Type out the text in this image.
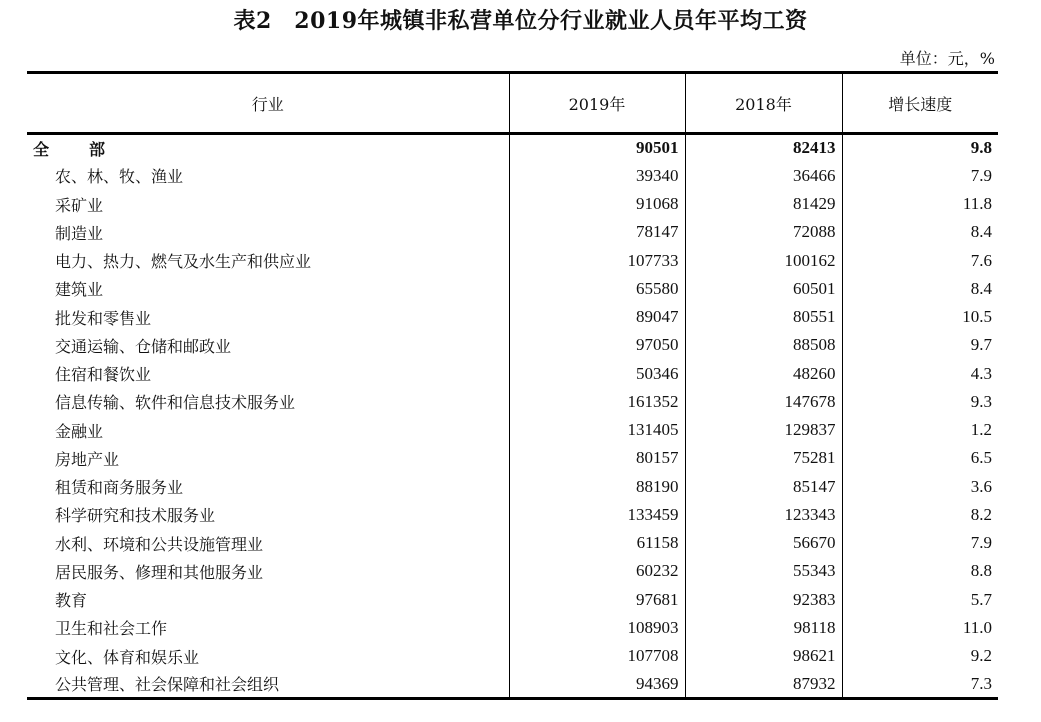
表2　2019年城镇非私营单位分行业就业人员年平均工资
单位：元，%
行业	2019年	2018年	增长速度
全　部	90501	82413	9.8
农、林、牧、渔业	39340	36466	7.9
采矿业	91068	81429	11.8
制造业	78147	72088	8.4
电力、热力、燃气及水生产和供应业	107733	100162	7.6
建筑业	65580	60501	8.4
批发和零售业	89047	80551	10.5
交通运输、仓储和邮政业	97050	88508	9.7
住宿和餐饮业	50346	48260	4.3
信息传输、软件和信息技术服务业	161352	147678	9.3
金融业	131405	129837	1.2
房地产业	80157	75281	6.5
租赁和商务服务业	88190	85147	3.6
科学研究和技术服务业	133459	123343	8.2
水利、环境和公共设施管理业	61158	56670	7.9
居民服务、修理和其他服务业	60232	55343	8.8
教育	97681	92383	5.7
卫生和社会工作	108903	98118	11.0
文化、体育和娱乐业	107708	98621	9.2
公共管理、社会保障和社会组织	94369	87932	7.3
